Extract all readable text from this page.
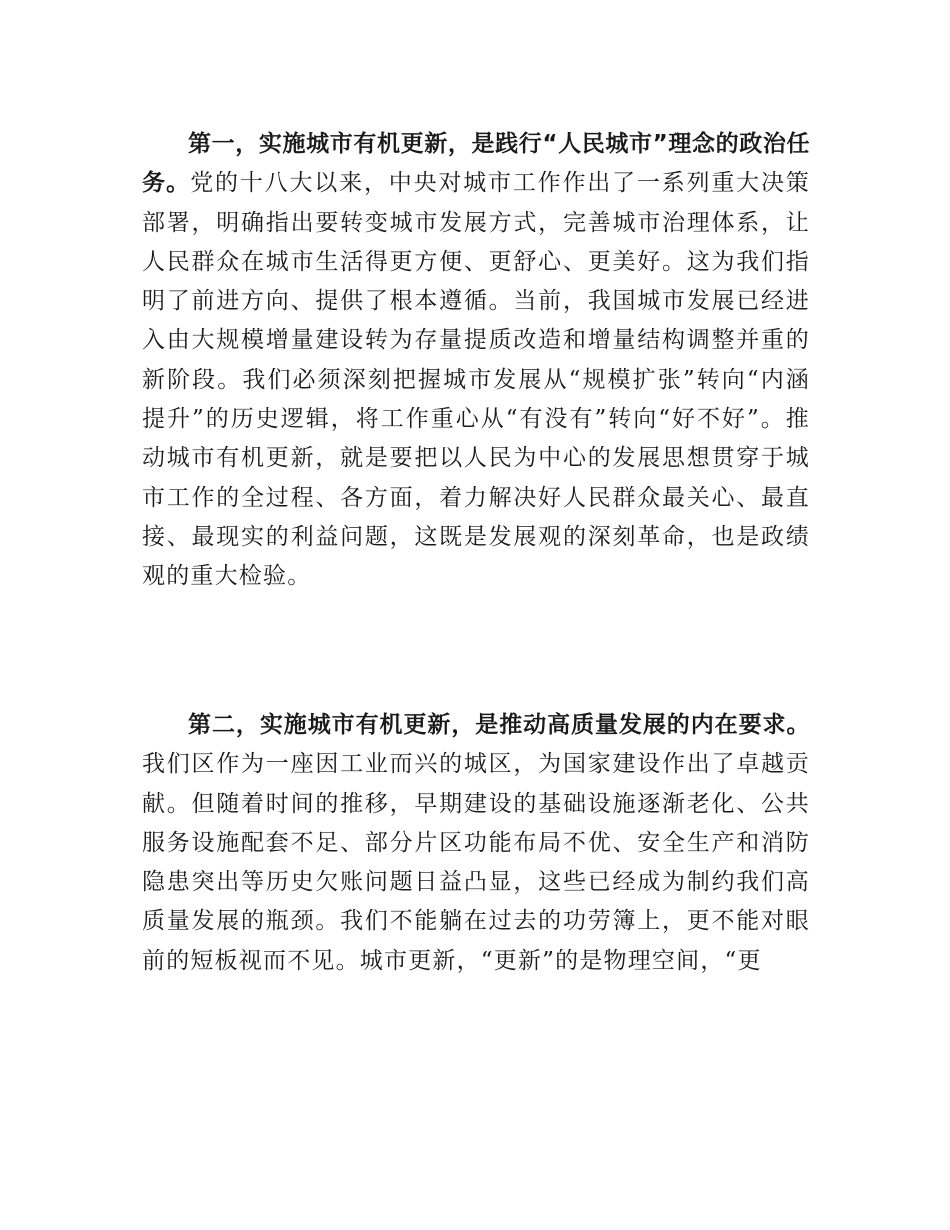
第一，实施城市有机更新，是践行“人民城市”理念的政治任务。党的十八大以来，中央对城市工作作出了一系列重大决策部署，明确指出要转变城市发展方式，完善城市治理体系，让人民群众在城市生活得更方便、更舒心、更美好。这为我们指明了前进方向、提供了根本遵循。当前，我国城市发展已经进入由大规模增量建设转为存量提质改造和增量结构调整并重的新阶段。我们必须深刻把握城市发展从“规模扩张”转向“内涵提升”的历史逻辑，将工作重心从“有没有”转向“好不好”。推动城市有机更新，就是要把以人民为中心的发展思想贯穿于城市工作的全过程、各方面，着力解决好人民群众最关心、最直接、最现实的利益问题，这既是发展观的深刻革命，也是政绩观的重大检验。

第二，实施城市有机更新，是推动高质量发展的内在要求。我们区作为一座因工业而兴的城区，为国家建设作出了卓越贡献。但随着时间的推移，早期建设的基础设施逐渐老化、公共服务设施配套不足、部分片区功能布局不优、安全生产和消防隐患突出等历史欠账问题日益凸显，这些已经成为制约我们高质量发展的瓶颈。我们不能躺在过去的功劳簿上，更不能对眼前的短板视而不见。城市更新，“更新”的是物理空间，“更
